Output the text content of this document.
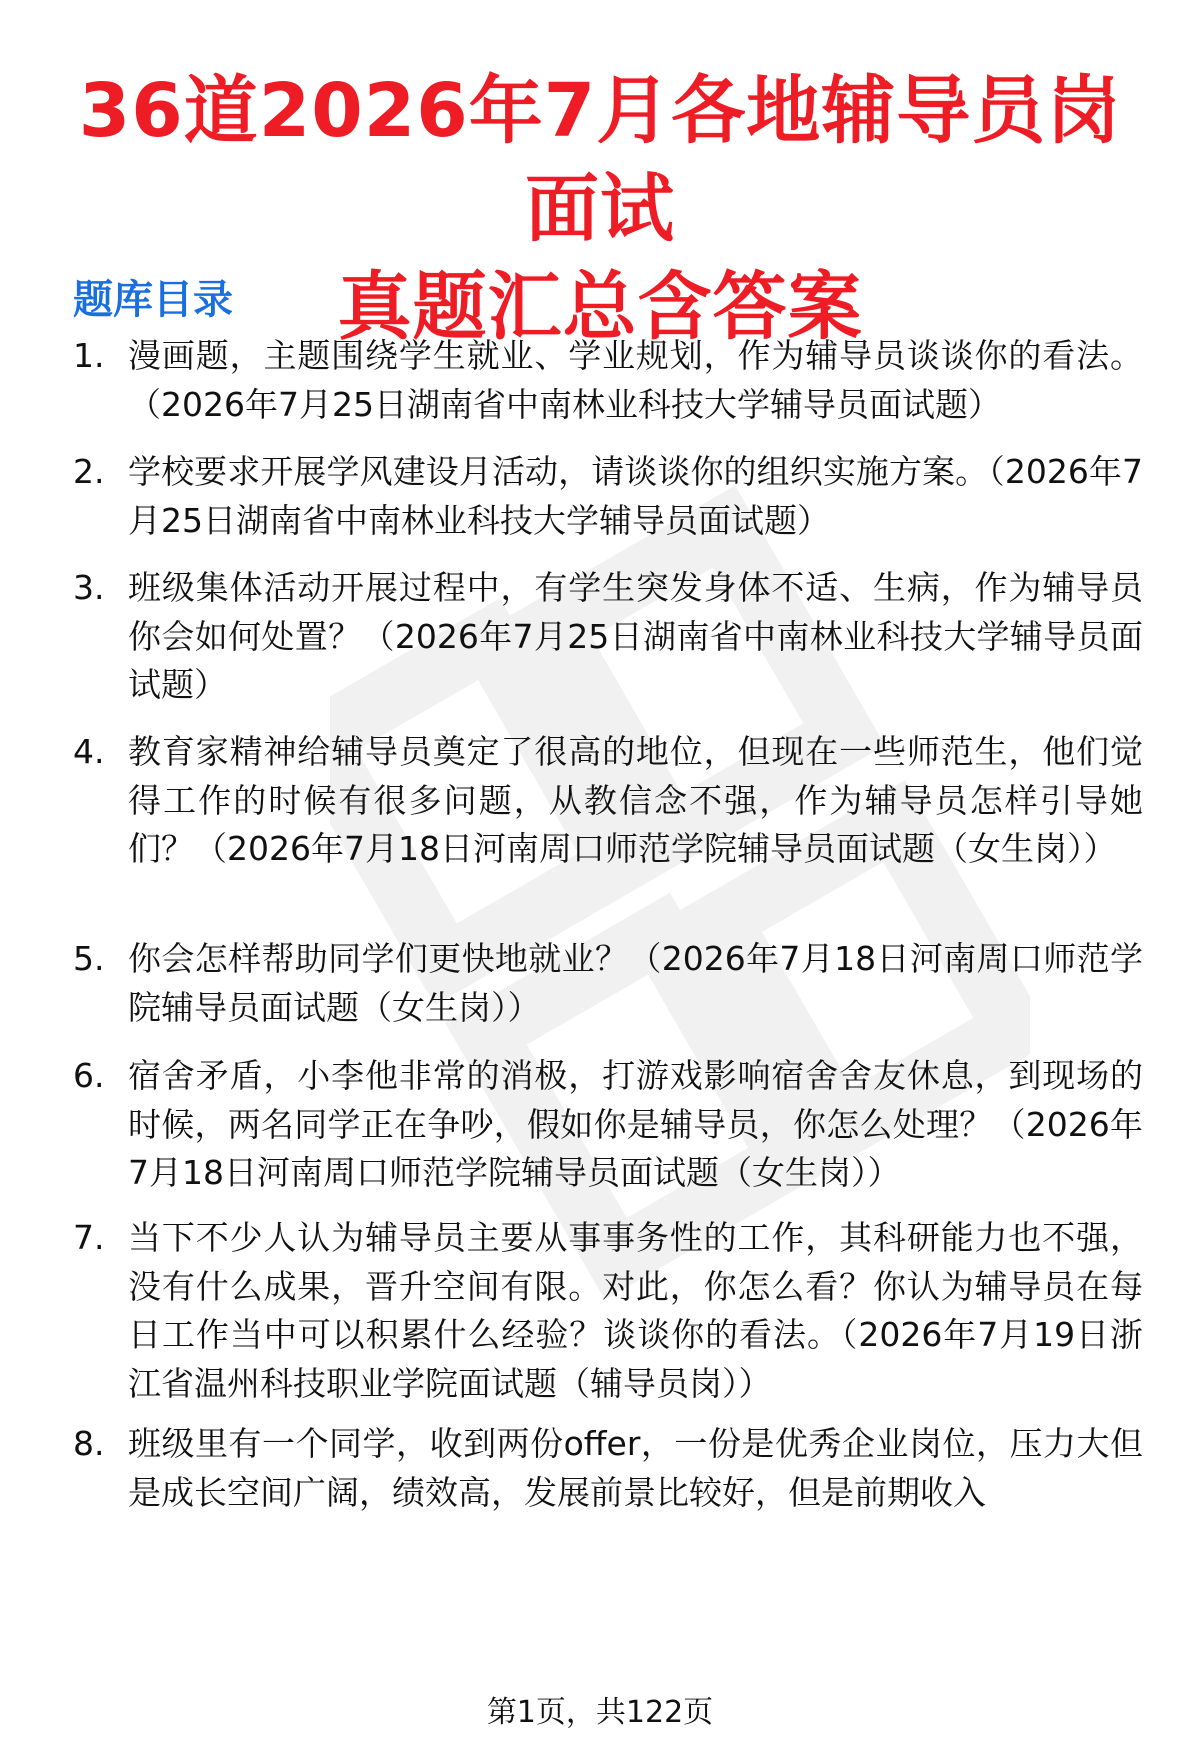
36道2026年7月各地辅导员岗面试
真题汇总含答案
题库目录
1. 漫画题，主题围绕学生就业、学业规划，作为辅导员谈谈你的看法。（2026年7月25日湖南省中南林业科技大学辅导员面试题）
2. 学校要求开展学风建设月活动，请谈谈你的组织实施方案。（2026年7月25日湖南省中南林业科技大学辅导员面试题）
3. 班级集体活动开展过程中，有学生突发身体不适、生病，作为辅导员你会如何处置？（2026年7月25日湖南省中南林业科技大学辅导员面试题）
4. 教育家精神给辅导员奠定了很高的地位，但现在一些师范生，他们觉得工作的时候有很多问题，从教信念不强，作为辅导员怎样引导她们？（2026年7月18日河南周口师范学院辅导员面试题（女生岗））
5. 你会怎样帮助同学们更快地就业？（2026年7月18日河南周口师范学院辅导员面试题（女生岗））
6. 宿舍矛盾，小李他非常的消极，打游戏影响宿舍舍友休息，到现场的时候，两名同学正在争吵，假如你是辅导员，你怎么处理？（2026年7月18日河南周口师范学院辅导员面试题（女生岗））
7. 当下不少人认为辅导员主要从事事务性的工作，其科研能力也不强，没有什么成果，晋升空间有限。对此，你怎么看？你认为辅导员在每日工作当中可以积累什么经验？谈谈你的看法。（2026年7月19日浙江省温州科技职业学院面试题（辅导员岗））
8. 班级里有一个同学，收到两份offer，一份是优秀企业岗位，压力大但是成长空间广阔，绩效高，发展前景比较好，但是前期收入
第1页，共122页
